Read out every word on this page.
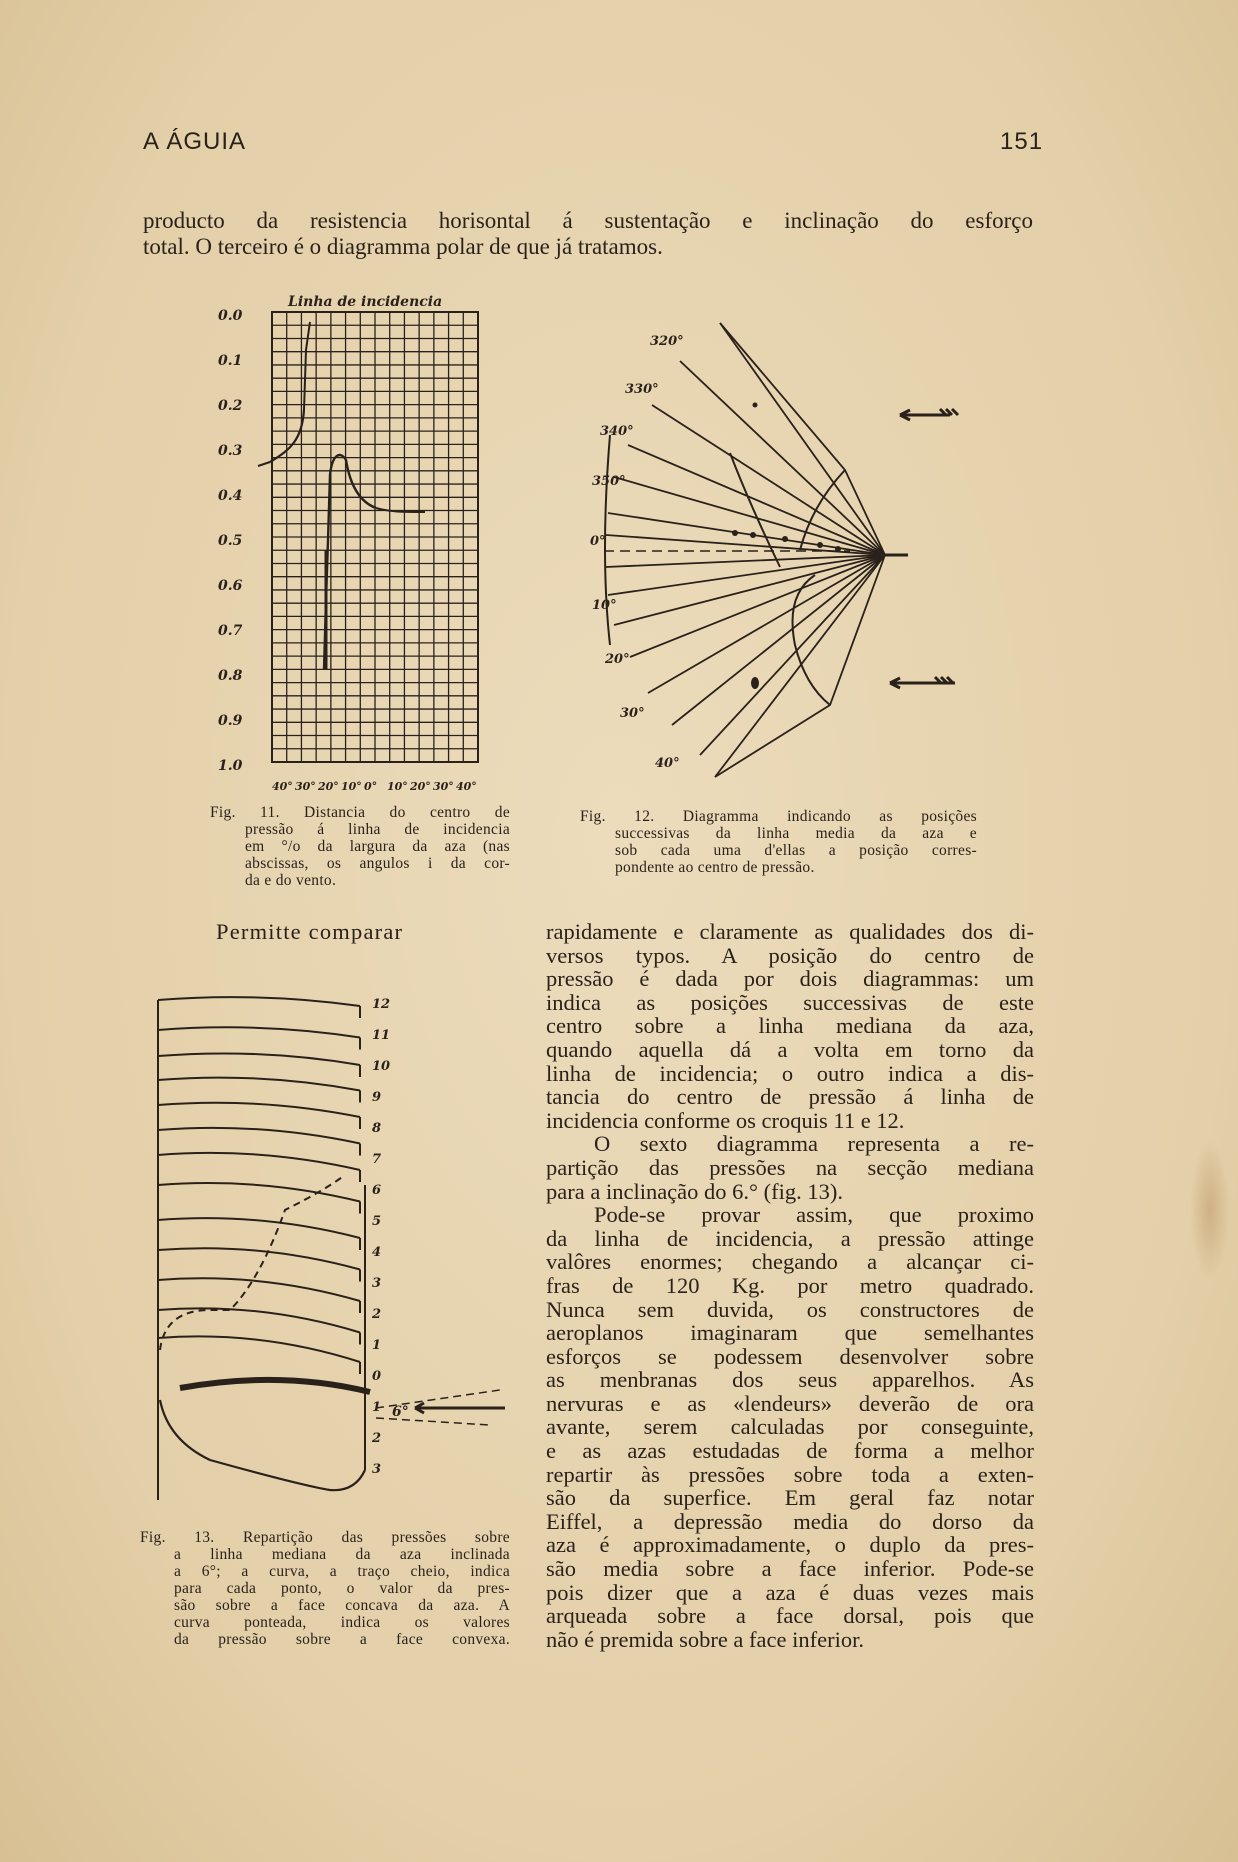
A ÁGUIA	151
producto da resistencia horisontal á sustentação e inclinação do esforço
total. O terceiro é o diagramma polar de que já tratamos.
Linha de incidencia
0.0
0.1
0.2
0.3
0.4
0.5
0.6
0.7
0.8
0.9
1.0
40° 30° 20° 10° 0° 10° 20° 30° 40°
Fig. 11. Distancia do centro de
pressão á linha de incidencia
em °/o da largura da aza (nas
abscissas, os angulos i da cor-
da e do vento.
320°
330°
340°
350°
0°
10°
20°
30°
40°
Fig. 12. Diagramma indicando as posições
successivas da linha media da aza e
sob cada uma d'ellas a posição corres-
pondente ao centro de pressão.
Permitte comparar
6°
12
11
10
9
8
7
6
5
4
3
2
1
0
1
2
3
Fig. 13. Repartição das pressões sobre
a linha mediana da aza inclinada
a 6°; a curva, a traço cheio, indica
para cada ponto, o valor da pres-
são sobre a face concava da aza. A
curva ponteada, indica os valores
da pressão sobre a face convexa.
rapidamente e claramente as qualidades dos di-
versos typos. A posição do centro de
pressão é dada por dois diagrammas: um
indica as posições successivas de este
centro sobre a linha mediana da aza,
quando aquella dá a volta em torno da
linha de incidencia; o outro indica a dis-
tancia do centro de pressão á linha de
incidencia conforme os croquis 11 e 12.
O sexto diagramma representa a re-
partição das pressões na secção mediana
para a inclinação do 6.° (fig. 13).
Pode-se provar assim, que proximo
da linha de incidencia, a pressão attinge
valôres enormes; chegando a alcançar ci-
fras de 120 Kg. por metro quadrado.
Nunca sem duvida, os constructores de
aeroplanos imaginaram que semelhantes
esforços se podessem desenvolver sobre
as menbranas dos seus apparelhos. As
nervuras e as «lendeurs» deverão de ora
avante, serem calculadas por conseguinte,
e as azas estudadas de forma a melhor
repartir às pressões sobre toda a exten-
são da superfice. Em geral faz notar
Eiffel, a depressão media do dorso da
aza é approximadamente, o duplo da pres-
são media sobre a face inferior. Pode-se
pois dizer que a aza é duas vezes mais
arqueada sobre a face dorsal, pois que
não é premida sobre a face inferior.
